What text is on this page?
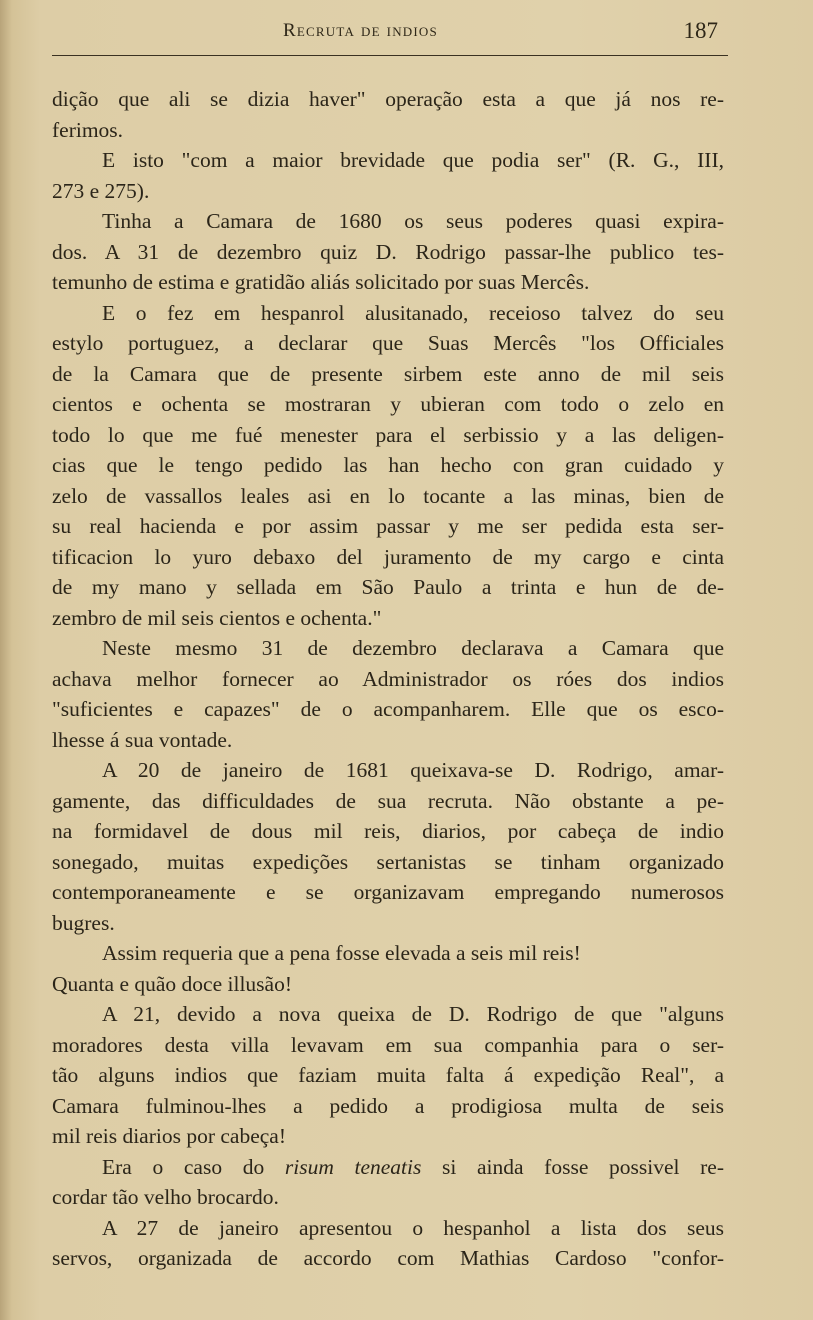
Recruta de indios	187
dição que ali se dizia haver" operação esta a que já nos re-
ferimos.
E isto "com a maior brevidade que podia ser" (R. G., III,
273 e 275).
Tinha a Camara de 1680 os seus poderes quasi expira-
dos. A 31 de dezembro quiz D. Rodrigo passar-lhe publico tes-
temunho de estima e gratidão aliás solicitado por suas Mercês.
E o fez em hespanrol alusitanado, receioso talvez do seu
estylo portuguez, a declarar que Suas Mercês "los Officiales
de la Camara que de presente sirbem este anno de mil seis
cientos e ochenta se mostraran y ubieran com todo o zelo en
todo lo que me fué menester para el serbissio y a las deligen-
cias que le tengo pedido las han hecho con gran cuidado y
zelo de vassallos leales asi en lo tocante a las minas, bien de
su real hacienda e por assim passar y me ser pedida esta ser-
tificacion lo yuro debaxo del juramento de my cargo e cinta
de my mano y sellada em São Paulo a trinta e hun de de-
zembro de mil seis cientos e ochenta."
Neste mesmo 31 de dezembro declarava a Camara que
achava melhor fornecer ao Administrador os róes dos indios
"suficientes e capazes" de o acompanharem. Elle que os esco-
lhesse á sua vontade.
A 20 de janeiro de 1681 queixava-se D. Rodrigo, amar-
gamente, das difficuldades de sua recruta. Não obstante a pe-
na formidavel de dous mil reis, diarios, por cabeça de indio
sonegado, muitas expedições sertanistas se tinham organizado
contemporaneamente e se organizavam empregando numerosos
bugres.
Assim requeria que a pena fosse elevada a seis mil reis!
Quanta e quão doce illusão!
A 21, devido a nova queixa de D. Rodrigo de que "alguns
moradores desta villa levavam em sua companhia para o ser-
tão alguns indios que faziam muita falta á expedição Real", a
Camara fulminou-lhes a pedido a prodigiosa multa de seis
mil reis diarios por cabeça!
Era o caso do risum teneatis si ainda fosse possivel re-
cordar tão velho brocardo.
A 27 de janeiro apresentou o hespanhol a lista dos seus
servos, organizada de accordo com Mathias Cardoso "confor-
